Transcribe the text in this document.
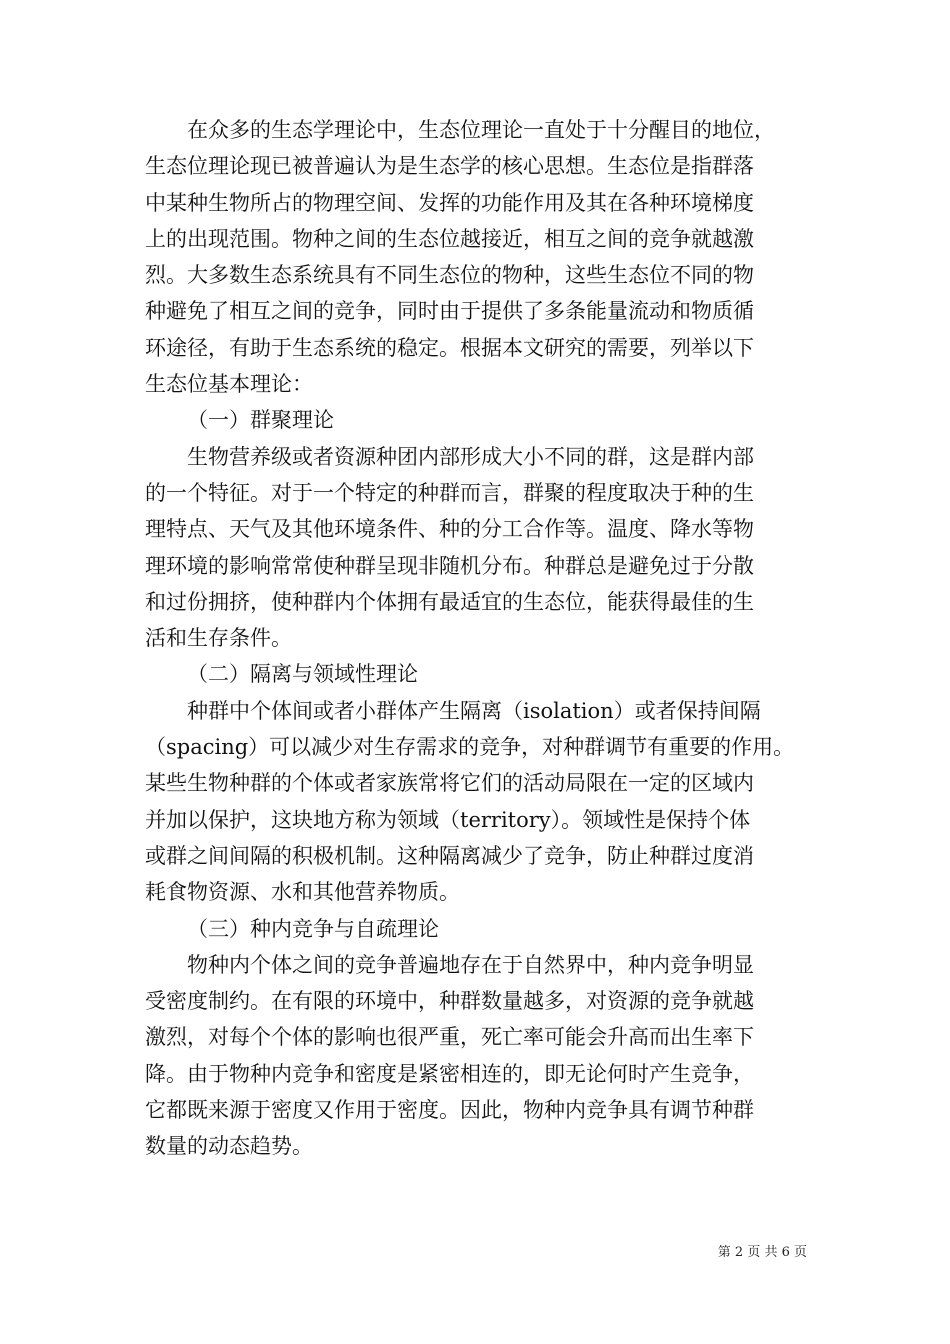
　　在众多的生态学理论中，生态位理论一直处于十分醒目的地位，
生态位理论现已被普遍认为是生态学的核心思想。生态位是指群落
中某种生物所占的物理空间、发挥的功能作用及其在各种环境梯度
上的出现范围。物种之间的生态位越接近，相互之间的竞争就越激
烈。大多数生态系统具有不同生态位的物种，这些生态位不同的物
种避免了相互之间的竞争，同时由于提供了多条能量流动和物质循
环途径，有助于生态系统的稳定。根据本文研究的需要，列举以下
生态位基本理论：
（一）群聚理论
　　生物营养级或者资源种团内部形成大小不同的群，这是群内部
的一个特征。对于一个特定的种群而言，群聚的程度取决于种的生
理特点、天气及其他环境条件、种的分工合作等。温度、降水等物
理环境的影响常常使种群呈现非随机分布。种群总是避免过于分散
和过份拥挤，使种群内个体拥有最适宜的生态位，能获得最佳的生
活和生存条件。
（二）隔离与领域性理论
　　种群中个体间或者小群体产生隔离（isolation）或者保持间隔
（spacing）可以减少对生存需求的竞争，对种群调节有重要的作用。
某些生物种群的个体或者家族常将它们的活动局限在一定的区域内
并加以保护，这块地方称为领域（territory）。领域性是保持个体
或群之间间隔的积极机制。这种隔离减少了竞争，防止种群过度消
耗食物资源、水和其他营养物质。
（三）种内竞争与自疏理论
　　物种内个体之间的竞争普遍地存在于自然界中，种内竞争明显
受密度制约。在有限的环境中，种群数量越多，对资源的竞争就越
激烈，对每个个体的影响也很严重，死亡率可能会升高而出生率下
降。由于物种内竞争和密度是紧密相连的，即无论何时产生竞争，
它都既来源于密度又作用于密度。因此，物种内竞争具有调节种群
数量的动态趋势。
第 2 页 共 6 页
